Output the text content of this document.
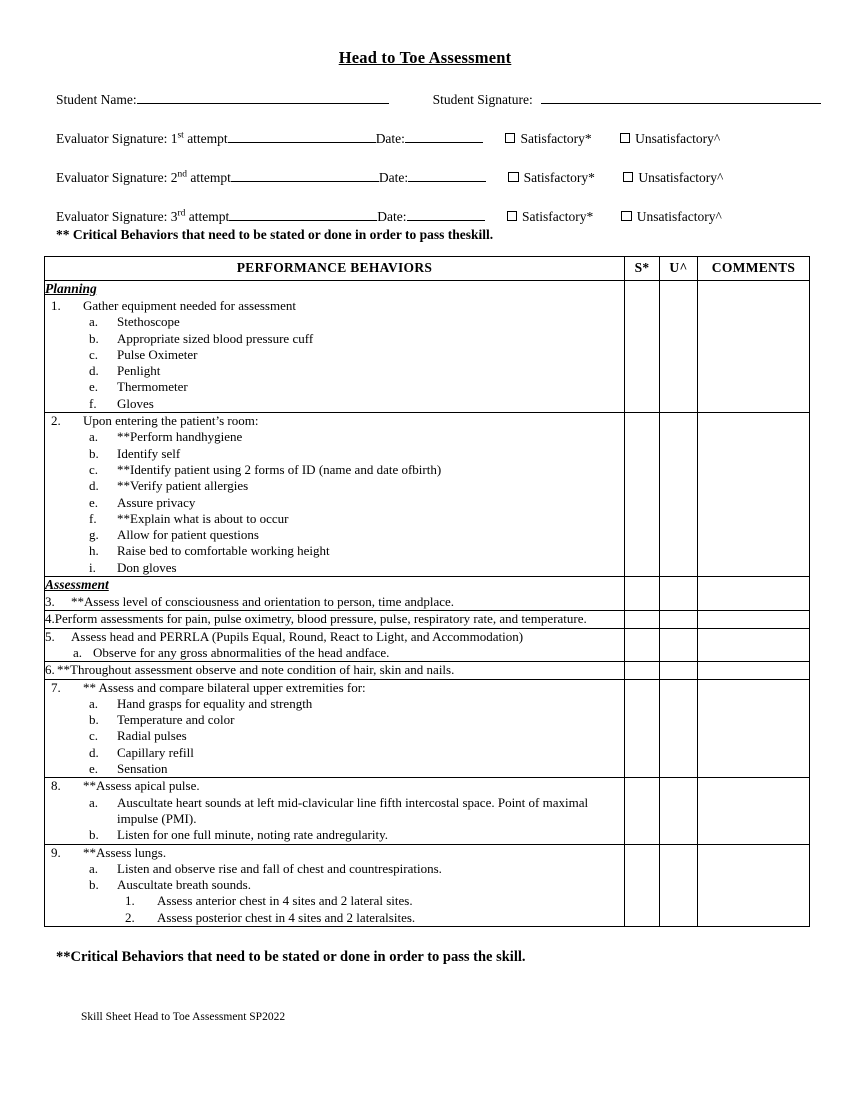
Head to Toe Assessment
Student Name:	Student Signature:
Evaluator Signature: 1st attempt	Date:	Satisfactory*	Unsatisfactory^
Evaluator Signature: 2nd attempt	Date:	Satisfactory*	Unsatisfactory^
Evaluator Signature: 3rd attempt	Date:	Satisfactory*	Unsatisfactory^
** Critical Behaviors that need to be stated or done in order to pass theskill.
PERFORMANCE BEHAVIORS	S*	U^	COMMENTS

Planning
1.	Gather equipment needed for assessment
a.	Stethoscope
b.	Appropriate sized blood pressure cuff
c.	Pulse Oximeter
d.	Penlight
e.	Thermometer
f.	Gloves

2.	Upon entering the patient’s room:
a.	**Perform handhygiene
b.	Identify self
c.	**Identify patient using 2 forms of ID (name and date ofbirth)
d.	**Verify patient allergies
e.	Assure privacy
f.	**Explain what is about to occur
g.	Allow for patient questions
h.	Raise bed to comfortable working height
i.	Don gloves

Assessment
3. **Assess level of consciousness and orientation to person, time andplace.			

4.Perform assessments for pain, pulse oximetry, blood pressure, pulse, respiratory rate, and temperature.			

5. Assess head and PERRLA (Pupils Equal, Round, React to Light, and Accommodation)
a. Observe for any gross abnormalities of the head andface.			

6. **Throughout assessment observe and note condition of hair, skin and nails.			

7.	** Assess and compare bilateral upper extremities for:
a.	Hand grasps for equality and strength
b.	Temperature and color
c.	Radial pulses
d.	Capillary refill
e.	Sensation

8.	**Assess apical pulse.
a.	Auscultate heart sounds at left mid-clavicular line fifth intercostal space. Point of maximal impulse (PMI).
b.	Listen for one full minute, noting rate andregularity.

9.	**Assess lungs.
a.	Listen and observe rise and fall of chest and countrespirations.
b.	Auscultate breath sounds.
1.	Assess anterior chest in 4 sites and 2 lateral sites.
2.	Assess posterior chest in 4 sites and 2 lateralsites.

**Critical Behaviors that need to be stated or done in order to pass the skill.
Skill Sheet Head to Toe Assessment SP2022
